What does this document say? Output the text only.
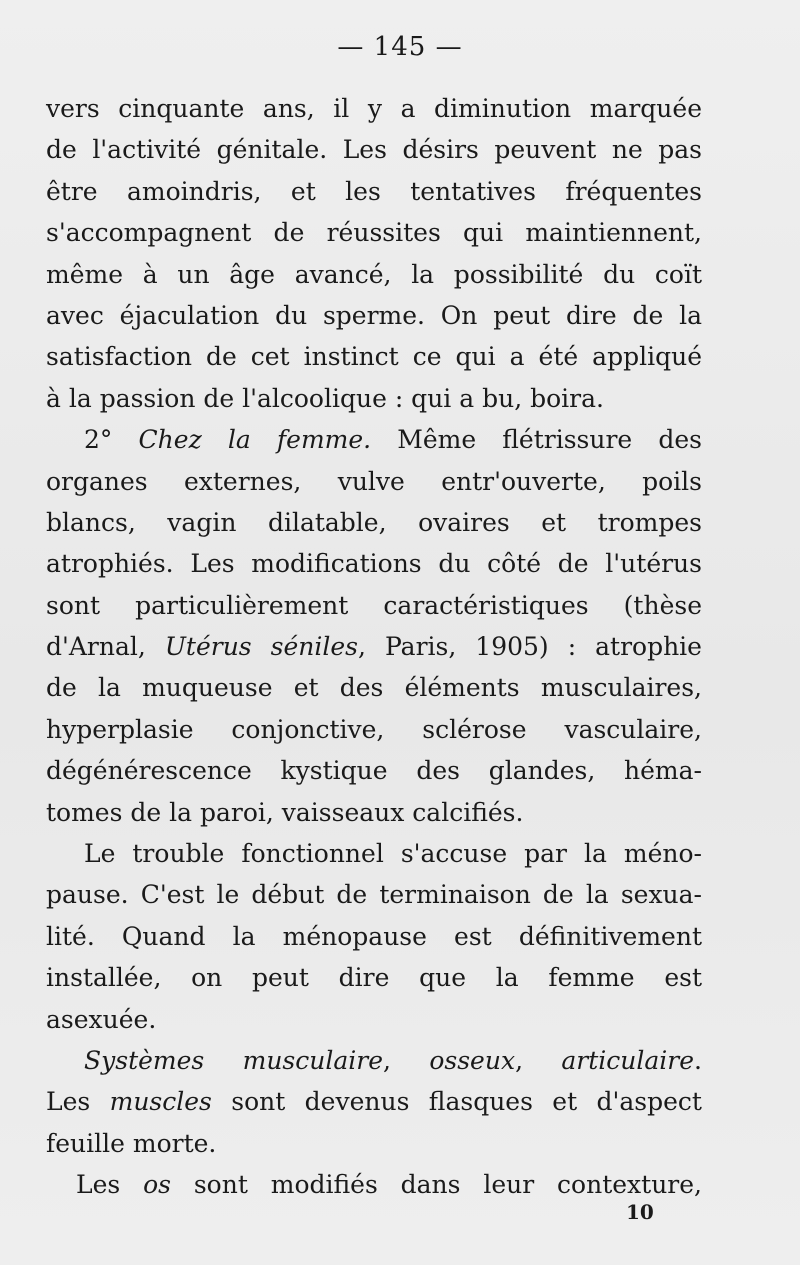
— 145 —
vers cinquante ans, il y a diminution marquée
de l'activité génitale. Les désirs peuvent ne pas
être amoindris, et les tentatives fréquentes
s'accompagnent de réussites qui maintiennent,
même à un âge avancé, la possibilité du coït
avec éjaculation du sperme. On peut dire de la
satisfaction de cet instinct ce qui a été appliqué
à la passion de l'alcoolique : qui a bu, boira.
2° Chez la femme. Même flétrissure des
organes externes, vulve entr'ouverte, poils
blancs, vagin dilatable, ovaires et trompes
atrophiés. Les modifications du côté de l'utérus
sont particulièrement caractéristiques (thèse
d'Arnal, Utérus séniles, Paris, 1905) : atrophie
de la muqueuse et des éléments musculaires,
hyperplasie conjonctive, sclérose vasculaire,
dégénérescence kystique des glandes, héma-
tomes de la paroi, vaisseaux calcifiés.
Le trouble fonctionnel s'accuse par la méno-
pause. C'est le début de terminaison de la sexua-
lité. Quand la ménopause est définitivement
installée, on peut dire que la femme est
asexuée.
Systèmes musculaire, osseux, articulaire.
Les muscles sont devenus flasques et d'aspect
feuille morte.
Les os sont modifiés dans leur contexture,
10
